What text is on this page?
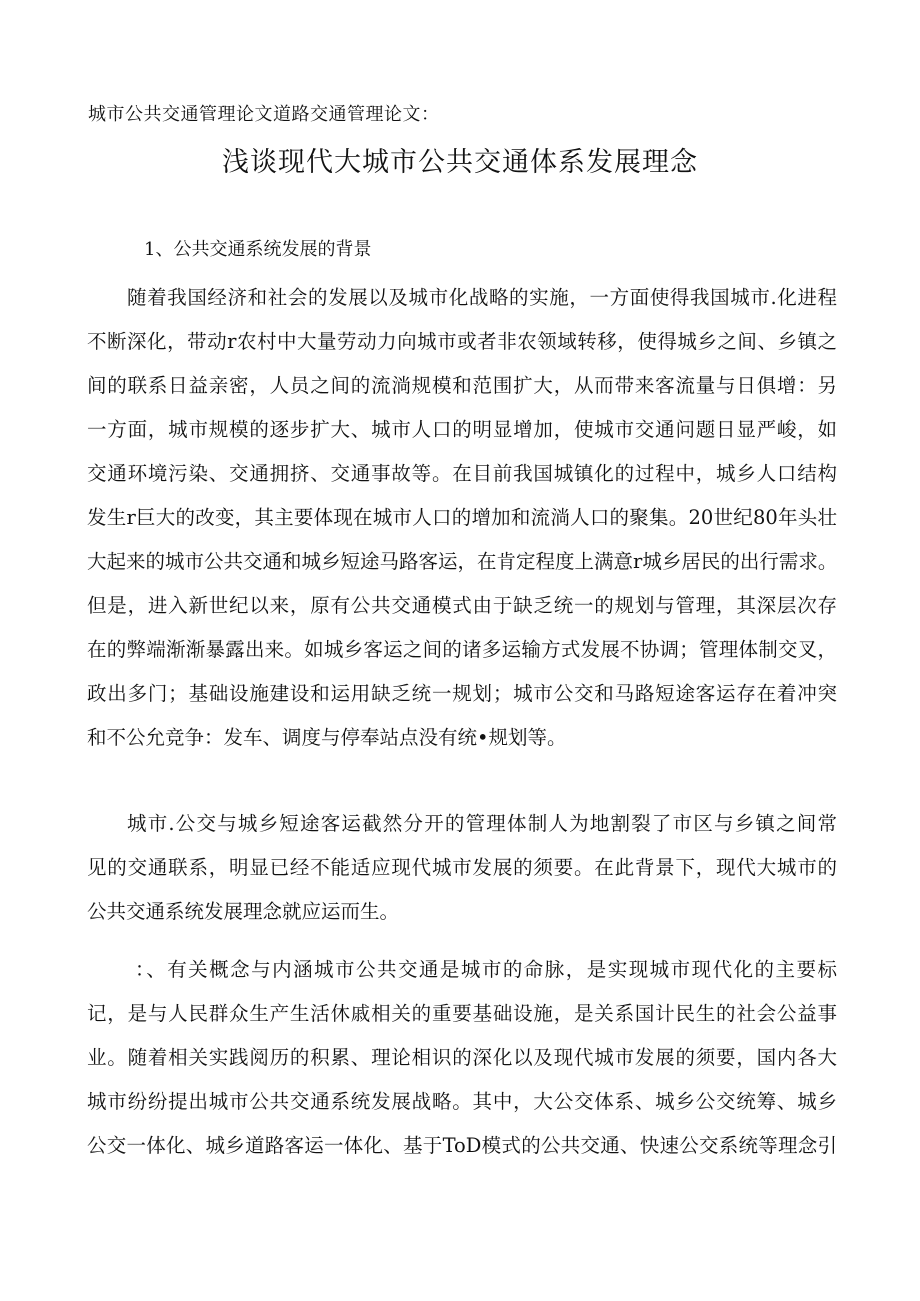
城市公共交通管理论文道路交通管理论文：
浅谈现代大城市公共交通体系发展理念
1、公共交通系统发展的背景
随着我国经济和社会的发展以及城市化战略的实施，一方面使得我国城市.化进程
不断深化，带动r农村中大量劳动力向城市或者非农领域转移，使得城乡之间、乡镇之
间的联系日益亲密，人员之间的流淌规模和范围扩大，从而带来客流量与日俱增：另
一方面，城市规模的逐步扩大、城市人口的明显增加，使城市交通问题日显严峻，如
交通环境污染、交通拥挤、交通事故等。在目前我国城镇化的过程中，城乡人口结构
发生r巨大的改变，其主要体现在城市人口的增加和流淌人口的聚集。20世纪80年头壮
大起来的城市公共交通和城乡短途马路客运，在肯定程度上满意r城乡居民的出行需求。
但是，进入新世纪以来，原有公共交通模式由于缺乏统一的规划与管理，其深层次存
在的弊端渐渐暴露出来。如城乡客运之间的诸多运输方式发展不协调；管理体制交叉，
政出多门；基础设施建设和运用缺乏统一规划；城市公交和马路短途客运存在着冲突
和不公允竞争：发车、调度与停奉站点没有统•规划等。
城市.公交与城乡短途客运截然分开的管理体制人为地割裂了市区与乡镇之间常
见的交通联系，明显已经不能适应现代城市发展的须要。在此背景下，现代大城市的
公共交通系统发展理念就应运而生。
：、有关概念与内涵城市公共交通是城市的命脉，是实现城市现代化的主要标
记，是与人民群众生产生活休戚相关的重要基础设施，是关系国计民生的社会公益事
业。随着相关实践阅历的积累、理论相识的深化以及现代城市发展的须要，国内各大
城市纷纷提出城市公共交通系统发展战略。其中，大公交体系、城乡公交统筹、城乡
公交一体化、城乡道路客运一体化、基于ToD模式的公共交通、快速公交系统等理念引
